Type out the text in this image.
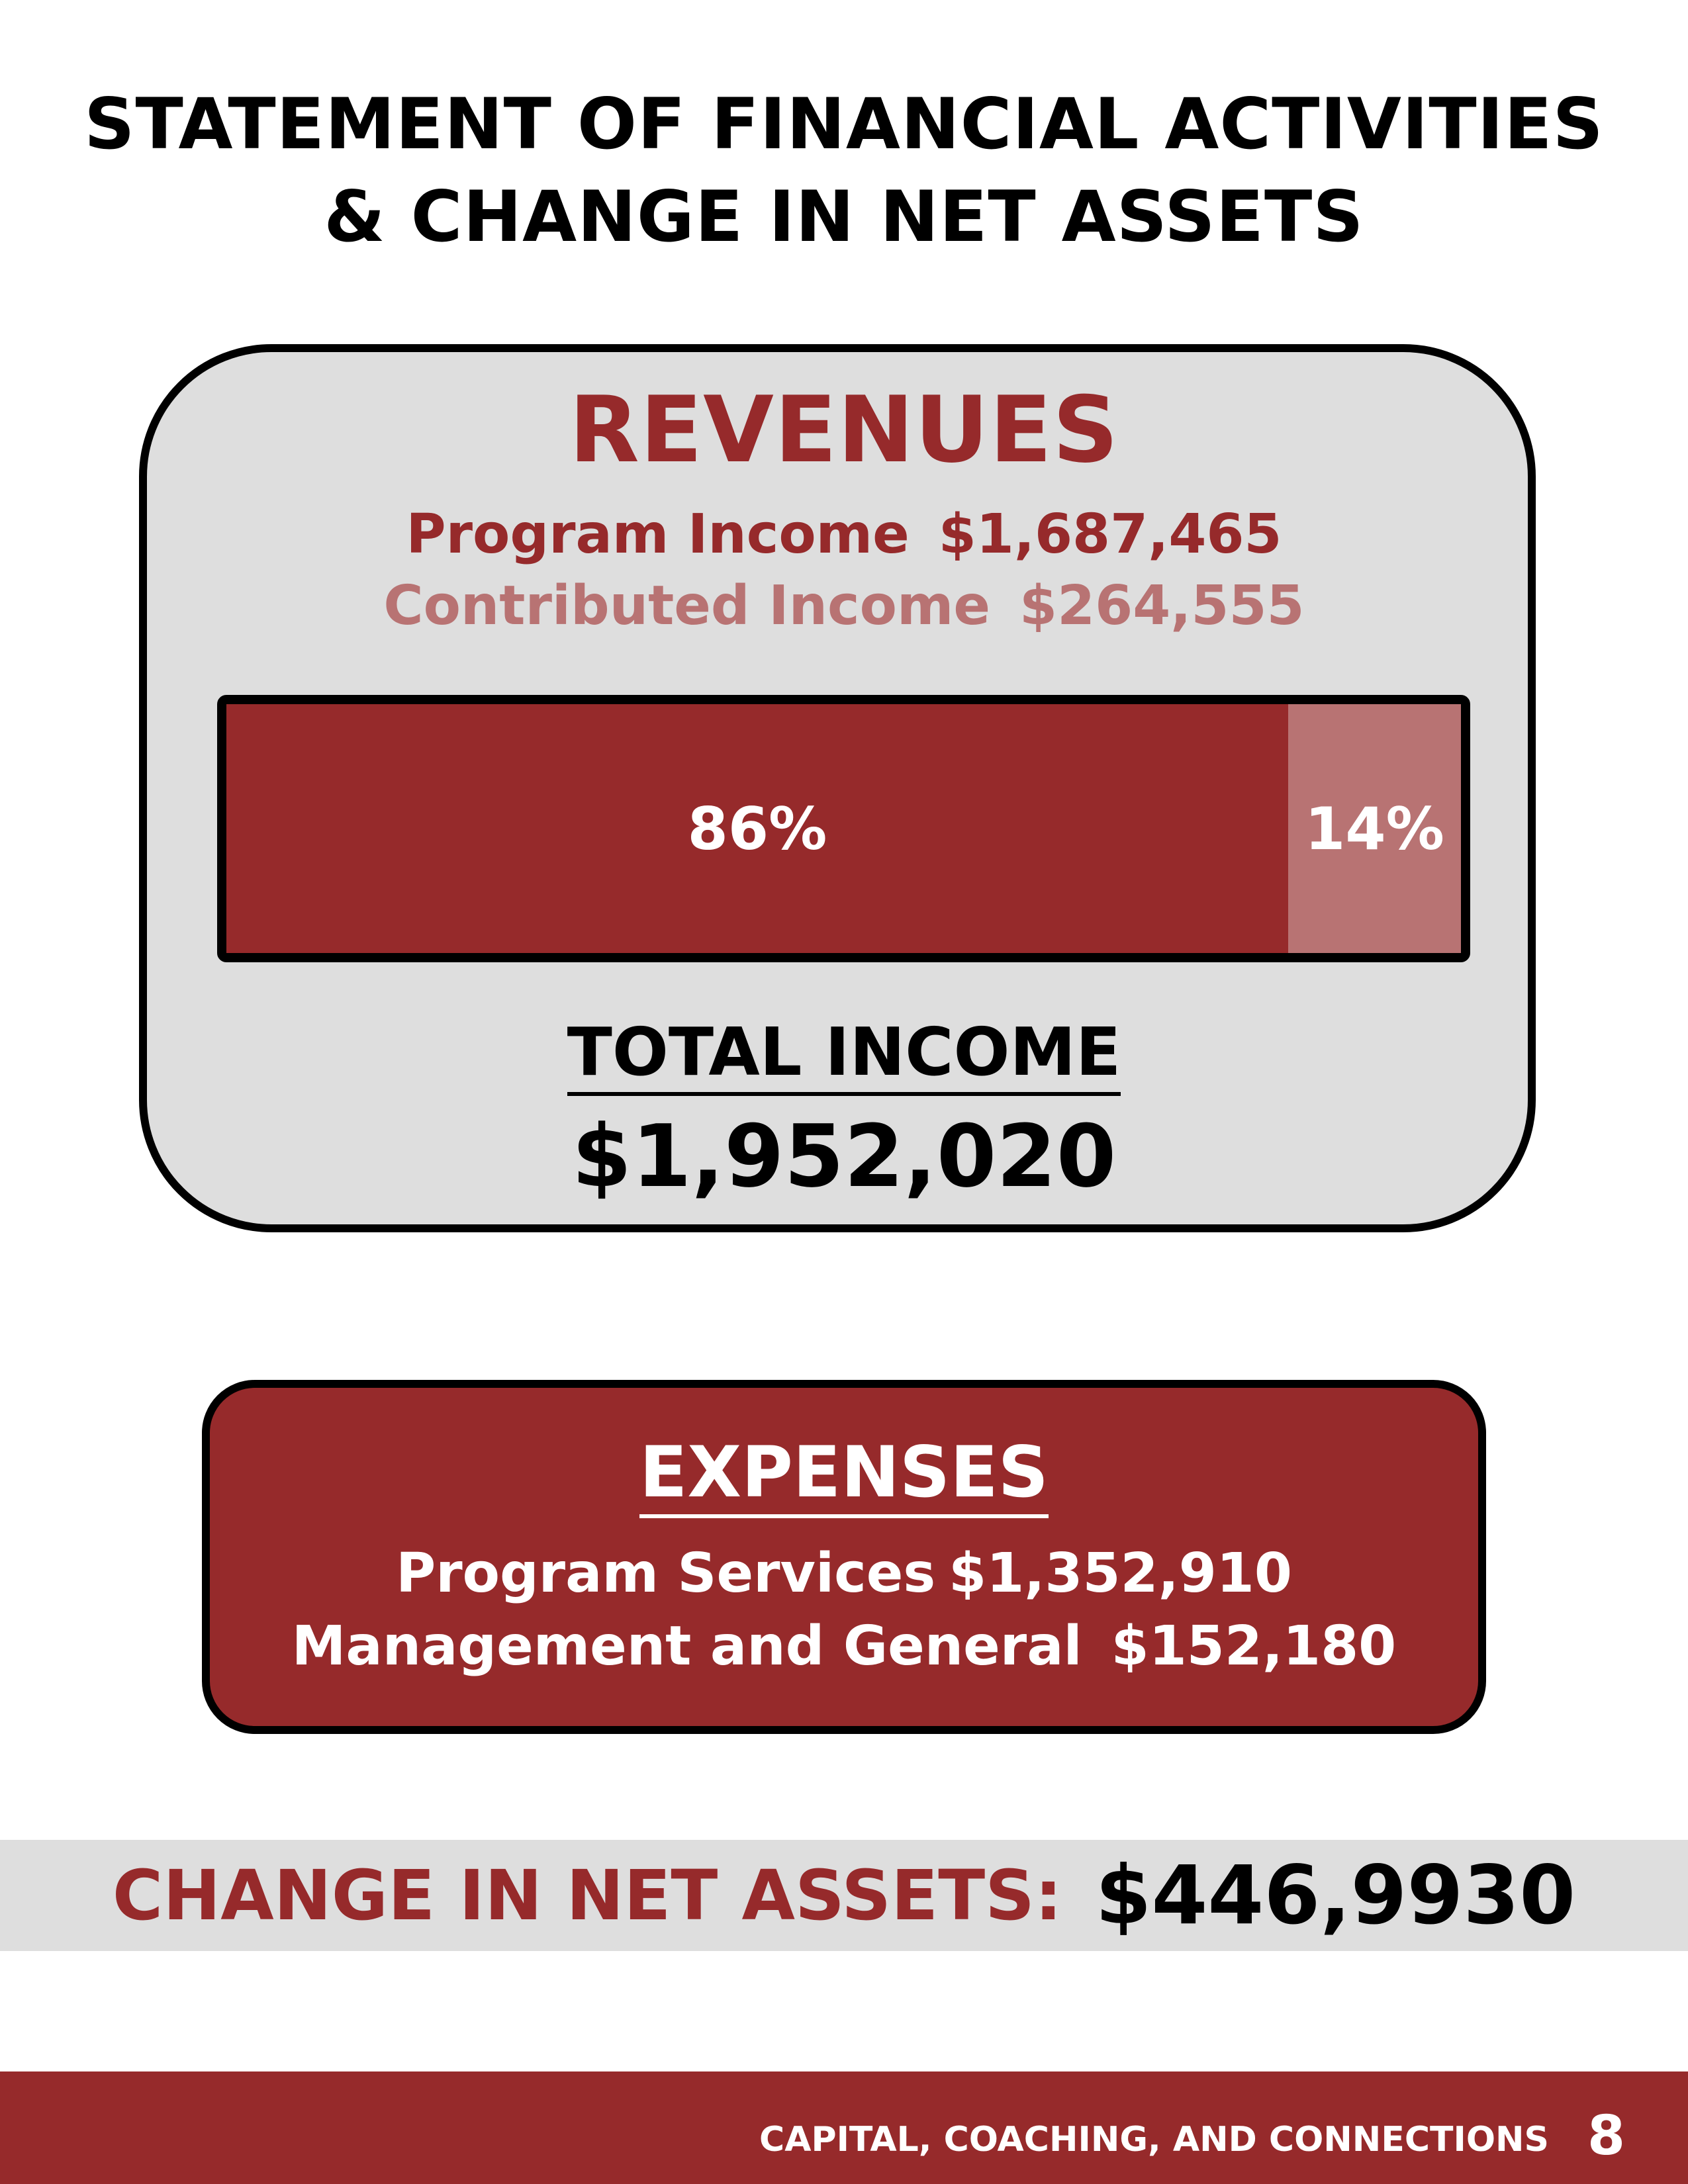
STATEMENT OF FINANCIAL ACTIVITIES
& CHANGE IN NET ASSETS
REVENUES
Program Income $1,687,465
Contributed Income $264,555
86%	14%
TOTAL INCOME
$1,952,020
EXPENSES
Program Services $1,352,910
Management and General $152,180
CHANGE IN NET ASSETS: $446,9930
CAPITAL, COACHING, AND CONNECTIONS 8
